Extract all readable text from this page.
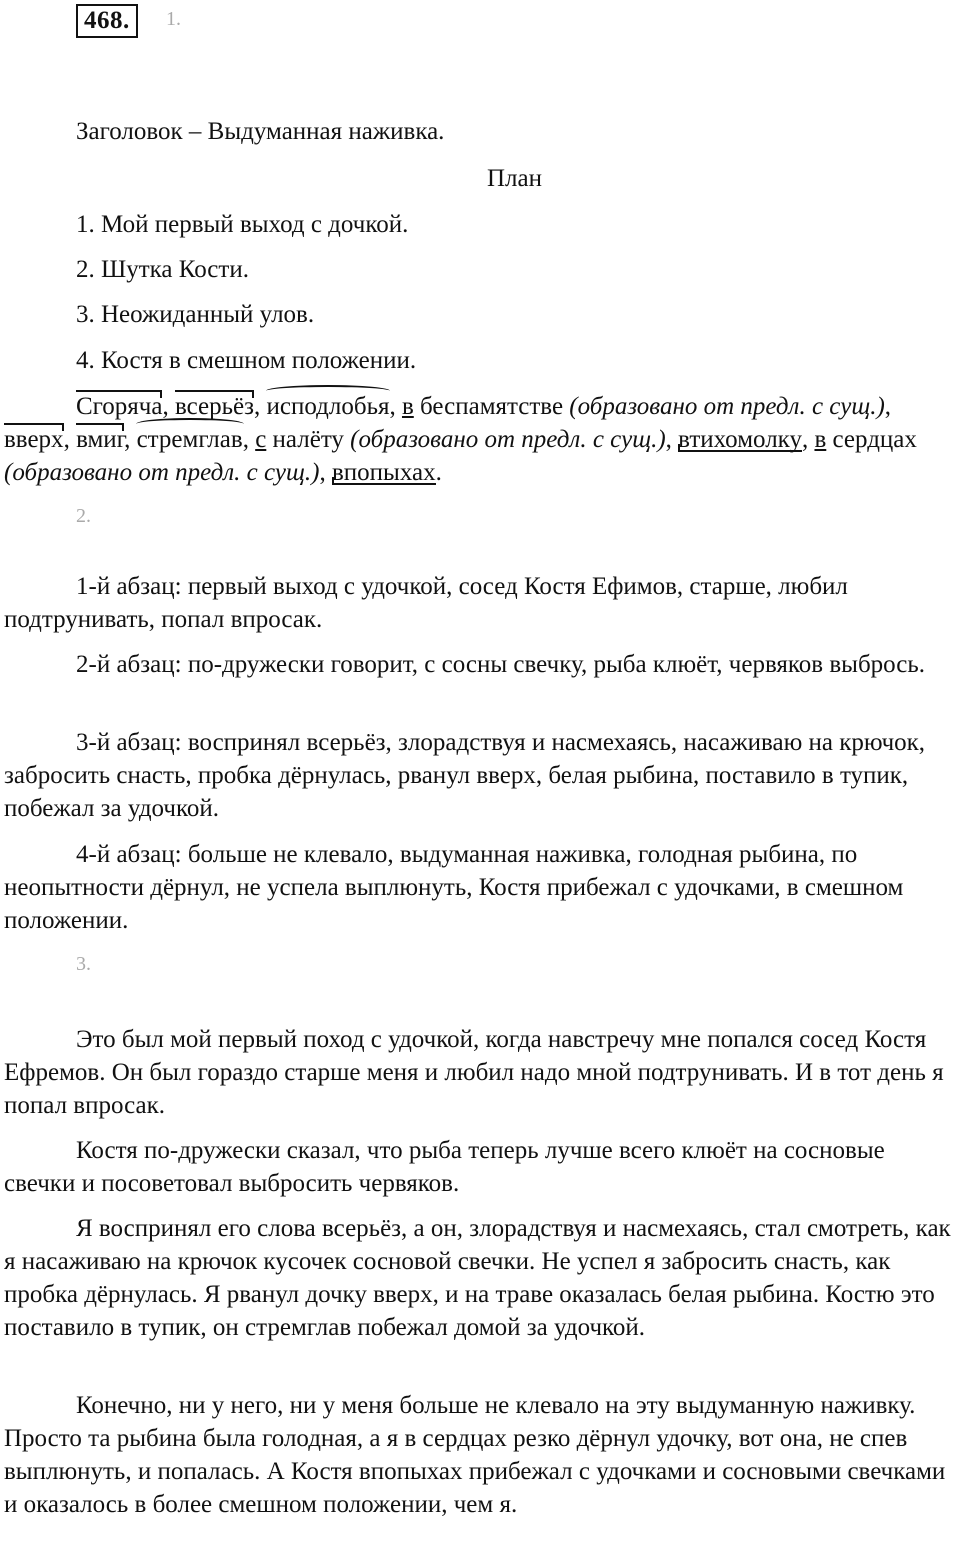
468.	1.
Заголовок – Выдуманная наживка.
План
1. Мой первый выход с дочкой.
2. Шутка Кости.
3. Неожиданный улов.
4. Костя в смешном положении.
Сгоряча, всерьёз, исподлобья, в беспамятстве (образовано от предл. с сущ.), вверх, вмиг, стремглав, с налёту (образовано от предл. с сущ.), втихомолку, в сердцах (образовано от предл. с сущ.), впопыхах.
2.
1-й абзац: первый выход с удочкой, сосед Костя Ефимов, старше, любил подтрунивать, попал впросак.
2-й абзац: по-дружески говорит, с сосны свечку, рыба клюёт, червяков выбрось.
3-й абзац: воспринял всерьёз, злорадствуя и насмехаясь, насаживаю на крючок, забросить снасть, пробка дёрнулась, рванул вверх, белая рыбина, поставило в тупик, побежал за удочкой.
4-й абзац: больше не клевало, выдуманная наживка, голодная рыбина, по неопытности дёрнул, не успела выплюнуть, Костя прибежал с удочками, в смешном положении.
3.
Это был мой первый поход с удочкой, когда навстречу мне попался сосед Костя Ефремов. Он был гораздо старше меня и любил надо мной подтрунивать. И в тот день я попал впросак.
Костя по-дружески сказал, что рыба теперь лучше всего клюёт на сосновые свечки и посоветовал выбросить червяков.
Я воспринял его слова всерьёз, а он, злорадствуя и насмехаясь, стал смотреть, как я насаживаю на крючок кусочек сосновой свечки. Не успел я забросить снасть, как пробка дёрнулась. Я рванул дочку вверх, и на траве оказалась белая рыбина. Костю это поставило в тупик, он стремглав побежал домой за удочкой.
Конечно, ни у него, ни у меня больше не клевало на эту выдуманную наживку. Просто та рыбина была голодная, а я в сердцах резко дёрнул удочку, вот она, не спев выплюнуть, и попалась. А Костя впопыхах прибежал с удочками и сосновыми свечками и оказалось в более смешном положении, чем я.
